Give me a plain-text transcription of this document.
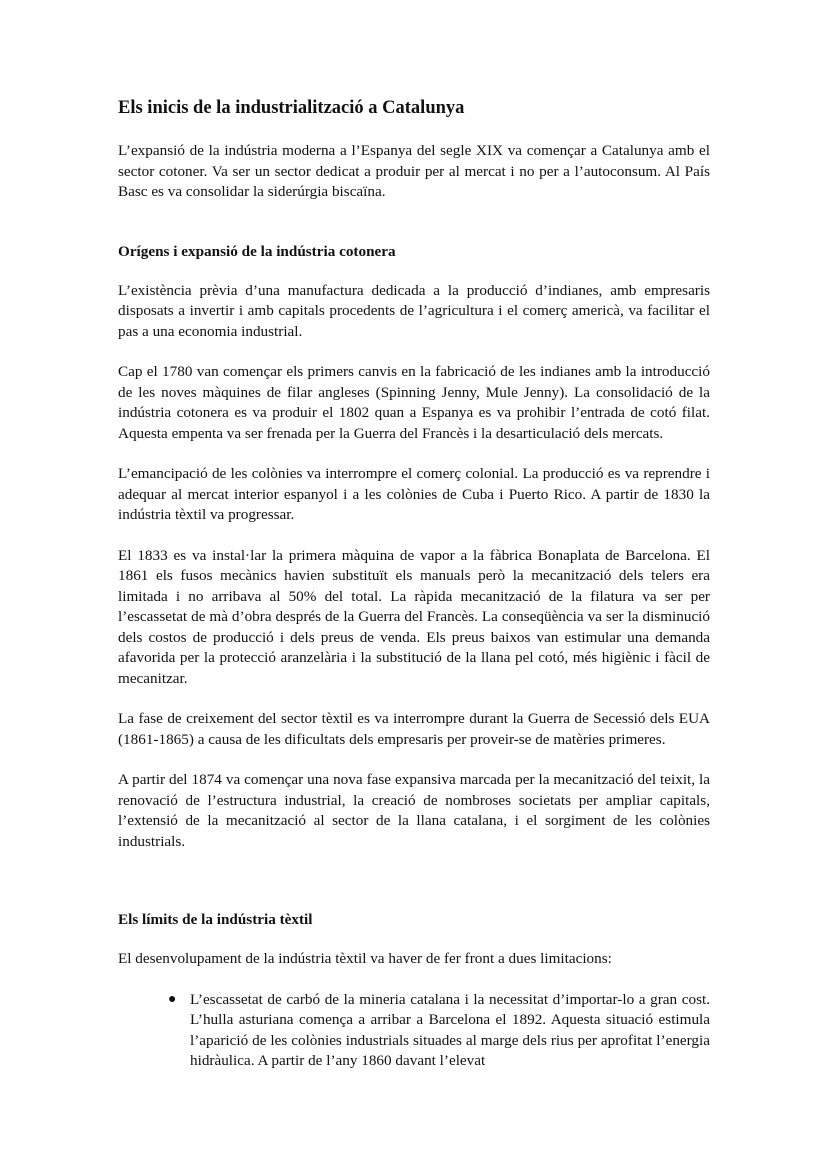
Els inicis de la industrialització a Catalunya

L’expansió de la indústria moderna a l’Espanya del segle XIX va començar a Catalunya amb el sector cotoner. Va ser un sector dedicat a produir per al mercat i no per a l’autoconsum. Al País Basc es va consolidar la siderúrgia biscaïna.

Orígens i expansió de la indústria cotonera

L’existència prèvia d’una manufactura dedicada a la producció d’indianes, amb empresaris disposats a invertir i amb capitals procedents de l’agricultura i el comerç americà, va facilitar el pas a una economia industrial.

Cap el 1780 van començar els primers canvis en la fabricació de les indianes amb la introducció de les noves màquines de filar angleses (Spinning Jenny, Mule Jenny). La consolidació de la indústria cotonera es va produir el 1802 quan a Espanya es va prohibir l’entrada de cotó filat. Aquesta empenta va ser frenada per la Guerra del Francès i la desarticulació dels mercats.

L’emancipació de les colònies va interrompre el comerç colonial. La producció es va reprendre i adequar al mercat interior espanyol i a les colònies de Cuba i Puerto Rico. A partir de 1830 la indústria tèxtil va progressar.

El 1833 es va instal·lar la primera màquina de vapor a la fàbrica Bonaplata de Barcelona. El 1861 els fusos mecànics havien substituït els manuals però la mecanització dels telers era limitada i no arribava al 50% del total. La ràpida mecanització de la filatura va ser per l’escassetat de mà d’obra després de la Guerra del Francès. La conseqüència va ser la disminució dels costos de producció i dels preus de venda. Els preus baixos van estimular una demanda afavorida per la protecció aranzelària i la substitució de la llana pel cotó, més higiènic i fàcil de mecanitzar.

La fase de creixement del sector tèxtil es va interrompre durant la Guerra de Secessió dels EUA (1861-1865) a causa de les dificultats dels empresaris per proveir-se de matèries primeres.

A partir del 1874 va començar una nova fase expansiva marcada per la mecanització del teixit, la renovació de l’estructura industrial, la creació de nombroses societats per ampliar capitals, l’extensió de la mecanització al sector de la llana catalana, i el sorgiment de les colònies industrials.

Els límits de la indústria tèxtil

El desenvolupament de la indústria tèxtil va haver de fer front a dues limitacions:

● L’escassetat de carbó de la mineria catalana i la necessitat d’importar-lo a gran cost. L’hulla asturiana comença a arribar a Barcelona el 1892. Aquesta situació estimula l’aparició de les colònies industrials situades al marge dels rius per aprofitat l’energia hidràulica. A partir de l’any 1860 davant l’elevat
